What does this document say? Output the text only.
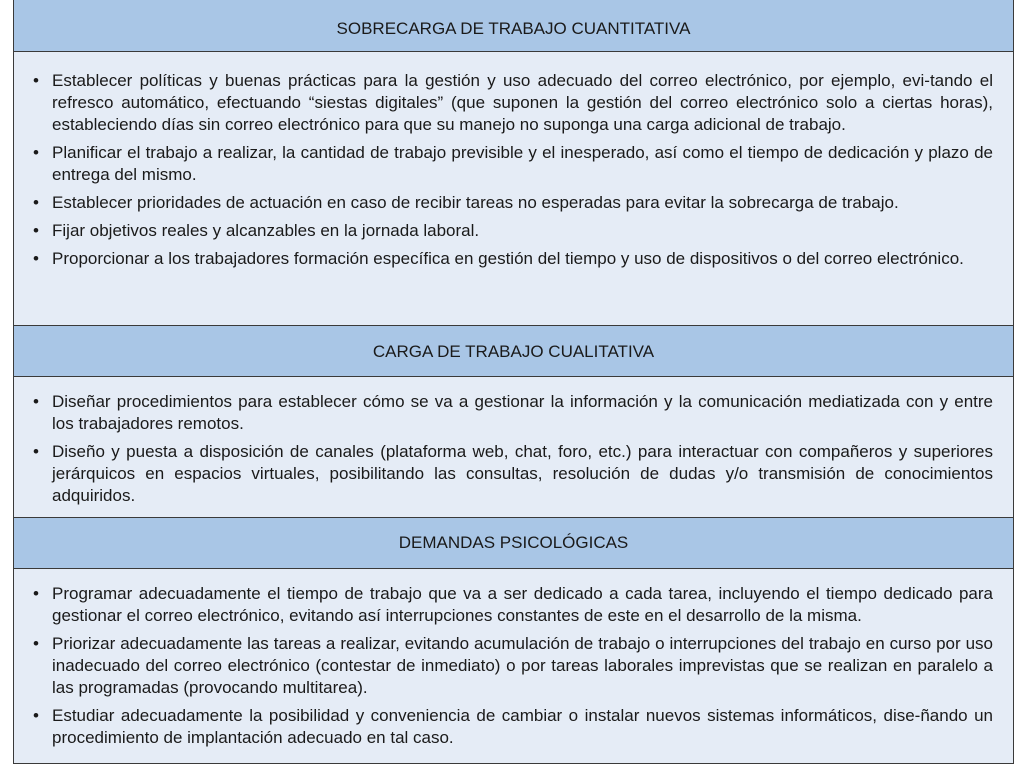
SOBRECARGA DE TRABAJO CUANTITATIVA
• Establecer políticas y buenas prácticas para la gestión y uso adecuado del correo electrónico, por ejemplo, evi-tando el refresco automático, efectuando “siestas digitales” (que suponen la gestión del correo electrónico solo a ciertas horas), estableciendo días sin correo electrónico para que su manejo no suponga una carga adicional de trabajo.
• Planificar el trabajo a realizar, la cantidad de trabajo previsible y el inesperado, así como el tiempo de dedicación y plazo de entrega del mismo.
• Establecer prioridades de actuación en caso de recibir tareas no esperadas para evitar la sobrecarga de trabajo.
• Fijar objetivos reales y alcanzables en la jornada laboral.
• Proporcionar a los trabajadores formación específica en gestión del tiempo y uso de dispositivos o del correo electrónico.
CARGA DE TRABAJO CUALITATIVA
• Diseñar procedimientos para establecer cómo se va a gestionar la información y la comunicación mediatizada con y entre los trabajadores remotos.
• Diseño y puesta a disposición de canales (plataforma web, chat, foro, etc.) para interactuar con compañeros y superiores jerárquicos en espacios virtuales, posibilitando las consultas, resolución de dudas y/o transmisión de conocimientos adquiridos.
DEMANDAS PSICOLÓGICAS
• Programar adecuadamente el tiempo de trabajo que va a ser dedicado a cada tarea, incluyendo el tiempo dedicado para gestionar el correo electrónico, evitando así interrupciones constantes de este en el desarrollo de la misma.
• Priorizar adecuadamente las tareas a realizar, evitando acumulación de trabajo o interrupciones del trabajo en curso por uso inadecuado del correo electrónico (contestar de inmediato) o por tareas laborales imprevistas que se realizan en paralelo a las programadas (provocando multitarea).
• Estudiar adecuadamente la posibilidad y conveniencia de cambiar o instalar nuevos sistemas informáticos, dise-ñando un procedimiento de implantación adecuado en tal caso.
